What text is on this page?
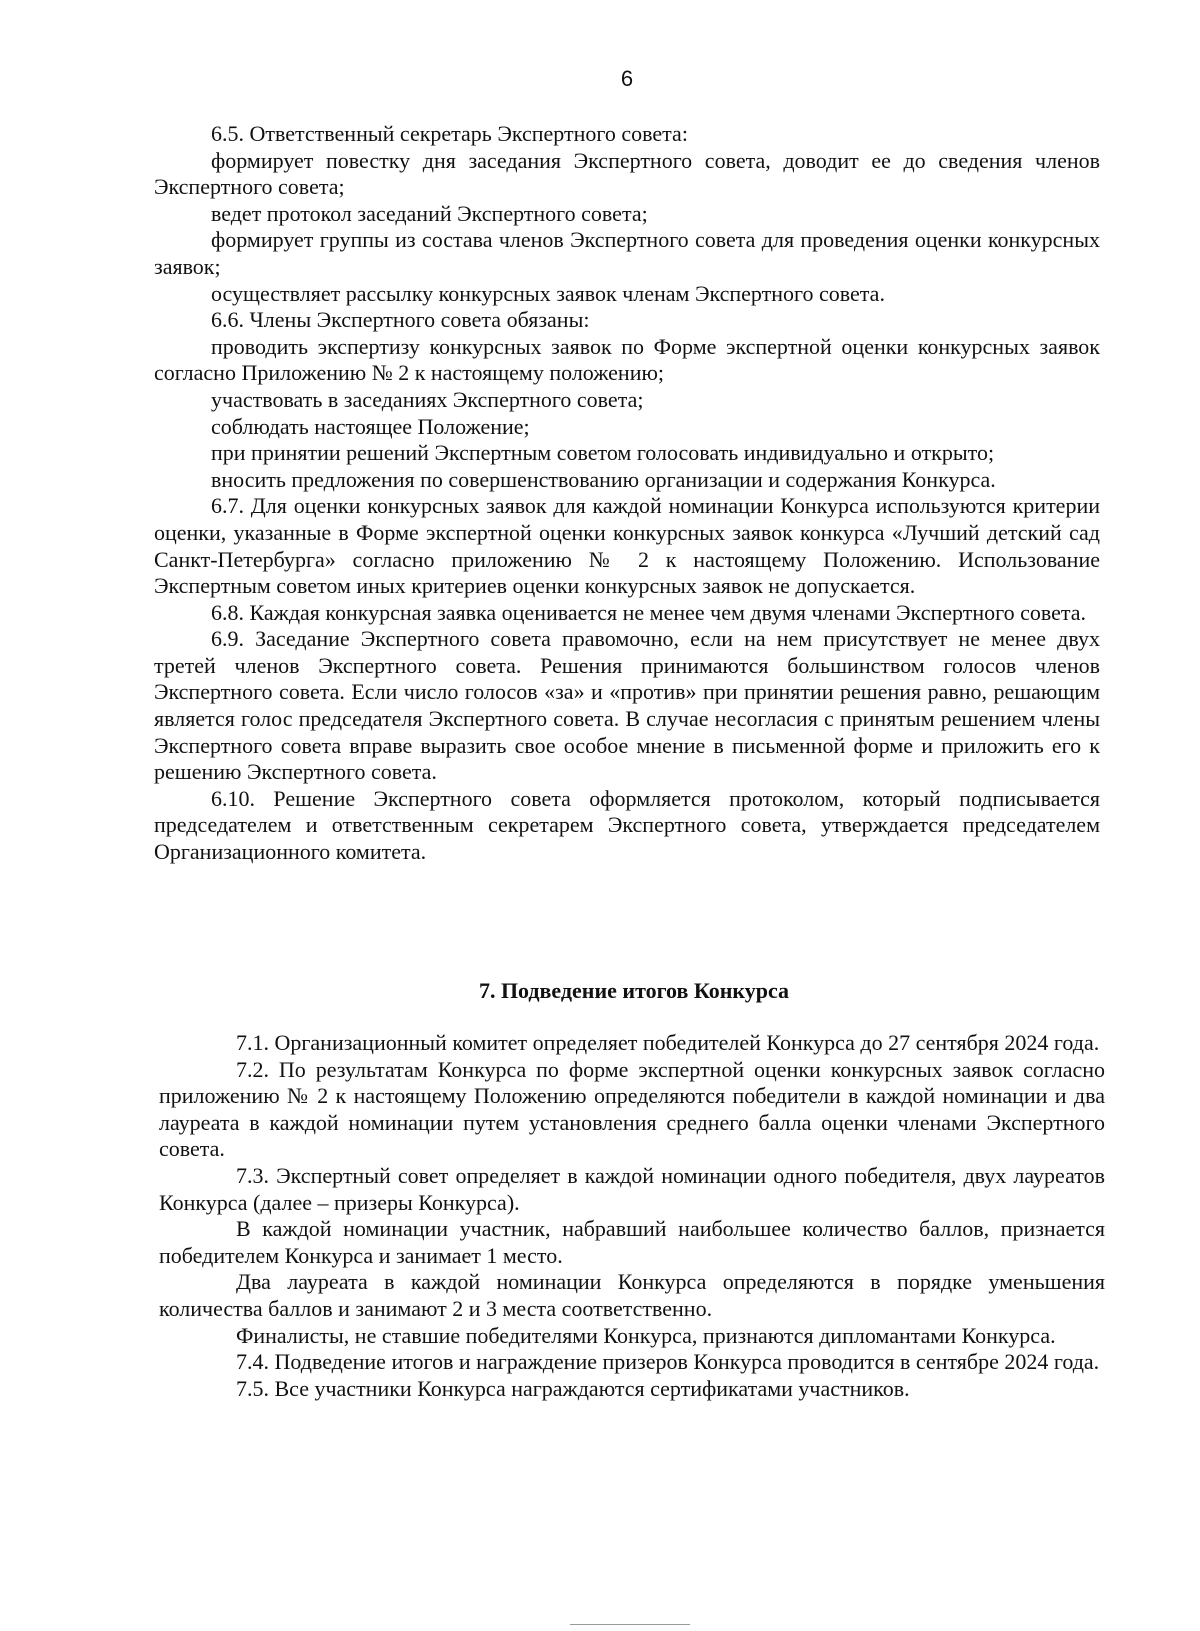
6

6.5. Ответственный секретарь Экспертного совета:

формирует повестку дня заседания Экспертного совета, доводит ее до сведения членов Экспертного совета;

ведет протокол заседаний Экспертного совета;

формирует группы из состава членов Экспертного совета для проведения оценки конкурсных заявок;

осуществляет рассылку конкурсных заявок членам Экспертного совета.

6.6. Члены Экспертного совета обязаны:

проводить экспертизу конкурсных заявок по Форме экспертной оценки конкурсных заявок согласно Приложению № 2 к настоящему положению;

участвовать в заседаниях Экспертного совета;

соблюдать настоящее Положение;

при принятии решений Экспертным советом голосовать индивидуально и открыто;

вносить предложения по совершенствованию организации и содержания Конкурса.

6.7. Для оценки конкурсных заявок для каждой номинации Конкурса используются критерии оценки, указанные в Форме экспертной оценки конкурсных заявок конкурса «Лучший детский сад Санкт-Петербурга» согласно приложению № 2 к настоящему Положению. Использование Экспертным советом иных критериев оценки конкурсных заявок не допускается.

6.8. Каждая конкурсная заявка оценивается не менее чем двумя членами Экспертного совета.

6.9. Заседание Экспертного совета правомочно, если на нем присутствует не менее двух третей членов Экспертного совета. Решения принимаются большинством голосов членов Экспертного совета. Если число голосов «за» и «против» при принятии решения равно, решающим является голос председателя Экспертного совета. В случае несогласия с принятым решением члены Экспертного совета вправе выразить свое особое мнение в письменной форме и приложить его к решению Экспертного совета.

6.10. Решение Экспертного совета оформляется протоколом, который подписывается председателем и ответственным секретарем Экспертного совета, утверждается председателем Организационного комитета.

7. Подведение итогов Конкурса

7.1. Организационный комитет определяет победителей Конкурса до 27 сентября 2024 года.

7.2. По результатам Конкурса по форме экспертной оценки конкурсных заявок согласно приложению № 2 к настоящему Положению определяются победители в каждой номинации и два лауреата в каждой номинации путем установления среднего балла оценки членами Экспертного совета.

7.3. Экспертный совет определяет в каждой номинации одного победителя, двух лауреатов Конкурса (далее – призеры Конкурса).

В каждой номинации участник, набравший наибольшее количество баллов, признается победителем Конкурса и занимает 1 место.

Два лауреата в каждой номинации Конкурса определяются в порядке уменьшения количества баллов и занимают 2 и 3 места соответственно.

Финалисты, не ставшие победителями Конкурса, признаются дипломантами Конкурса.

7.4. Подведение итогов и награждение призеров Конкурса проводится в сентябре 2024 года.

7.5. Все участники Конкурса награждаются сертификатами участников.
